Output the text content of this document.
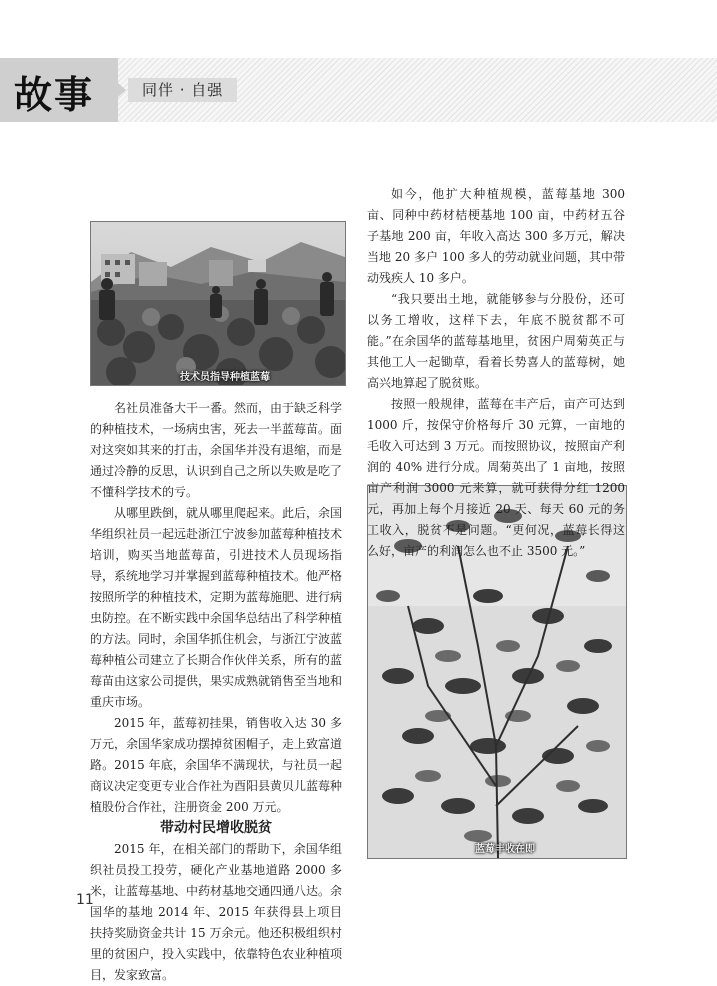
故事	同伴 · 自强
技术员指导种植蓝莓
蓝莓丰收在即

名社员准备大干一番。然而，由于缺乏科学的种植技术，一场病虫害，死去一半蓝莓苗。面对这突如其来的打击，余国华并没有退缩，而是通过冷静的反思，认识到自己之所以失败是吃了不懂科学技术的亏。

从哪里跌倒，就从哪里爬起来。此后，余国华组织社员一起远赴浙江宁波参加蓝莓种植技术培训，购买当地蓝莓苗，引进技术人员现场指导，系统地学习并掌握到蓝莓种植技术。他严格按照所学的种植技术，定期为蓝莓施肥、进行病虫防控。在不断实践中余国华总结出了科学种植的方法。同时，余国华抓住机会，与浙江宁波蓝莓种植公司建立了长期合作伙伴关系，所有的蓝莓苗由这家公司提供，果实成熟就销售至当地和重庆市场。

2015 年，蓝莓初挂果，销售收入达 30 多万元，余国华家成功摆掉贫困帽子，走上致富道路。2015 年底，余国华不满现状，与社员一起商议决定变更专业合作社为酉阳县黄贝儿蓝莓种植股份合作社，注册资金 200 万元。

带动村民增收脱贫

2015 年，在相关部门的帮助下，余国华组织社员投工投劳，硬化产业基地道路 2000 多米，让蓝莓基地、中药材基地交通四通八达。余国华的基地 2014 年、2015 年获得县上项目扶持奖励资金共计 15 万余元。他还积极组织村里的贫困户，投入实践中，依靠特色农业种植项目，发家致富。

如今，他扩大种植规模，蓝莓基地 300 亩、同种中药材桔梗基地 100 亩，中药材五谷子基地 200 亩，年收入高达 300 多万元，解决当地 20 多户 100 多人的劳动就业问题，其中带动残疾人 10 多户。

“我只要出土地，就能够参与分股份，还可以务工增收，这样下去，年底不脱贫都不可能。”在余国华的蓝莓基地里，贫困户周菊英正与其他工人一起锄草，看着长势喜人的蓝莓树，她高兴地算起了脱贫账。

按照一般规律，蓝莓在丰产后，亩产可达到 1000 斤，按保守价格每斤 30 元算，一亩地的毛收入可达到 3 万元。而按照协议，按照亩产利润的 40% 进行分成。周菊英出了 1 亩地，按照亩产利润 3000 元来算，就可获得分红 1200 元，再加上每个月接近 20 天、每天 60 元的务工收入，脱贫不是问题。“更何况，蓝莓长得这么好，亩产的利润怎么也不止 3500 元。”

11
